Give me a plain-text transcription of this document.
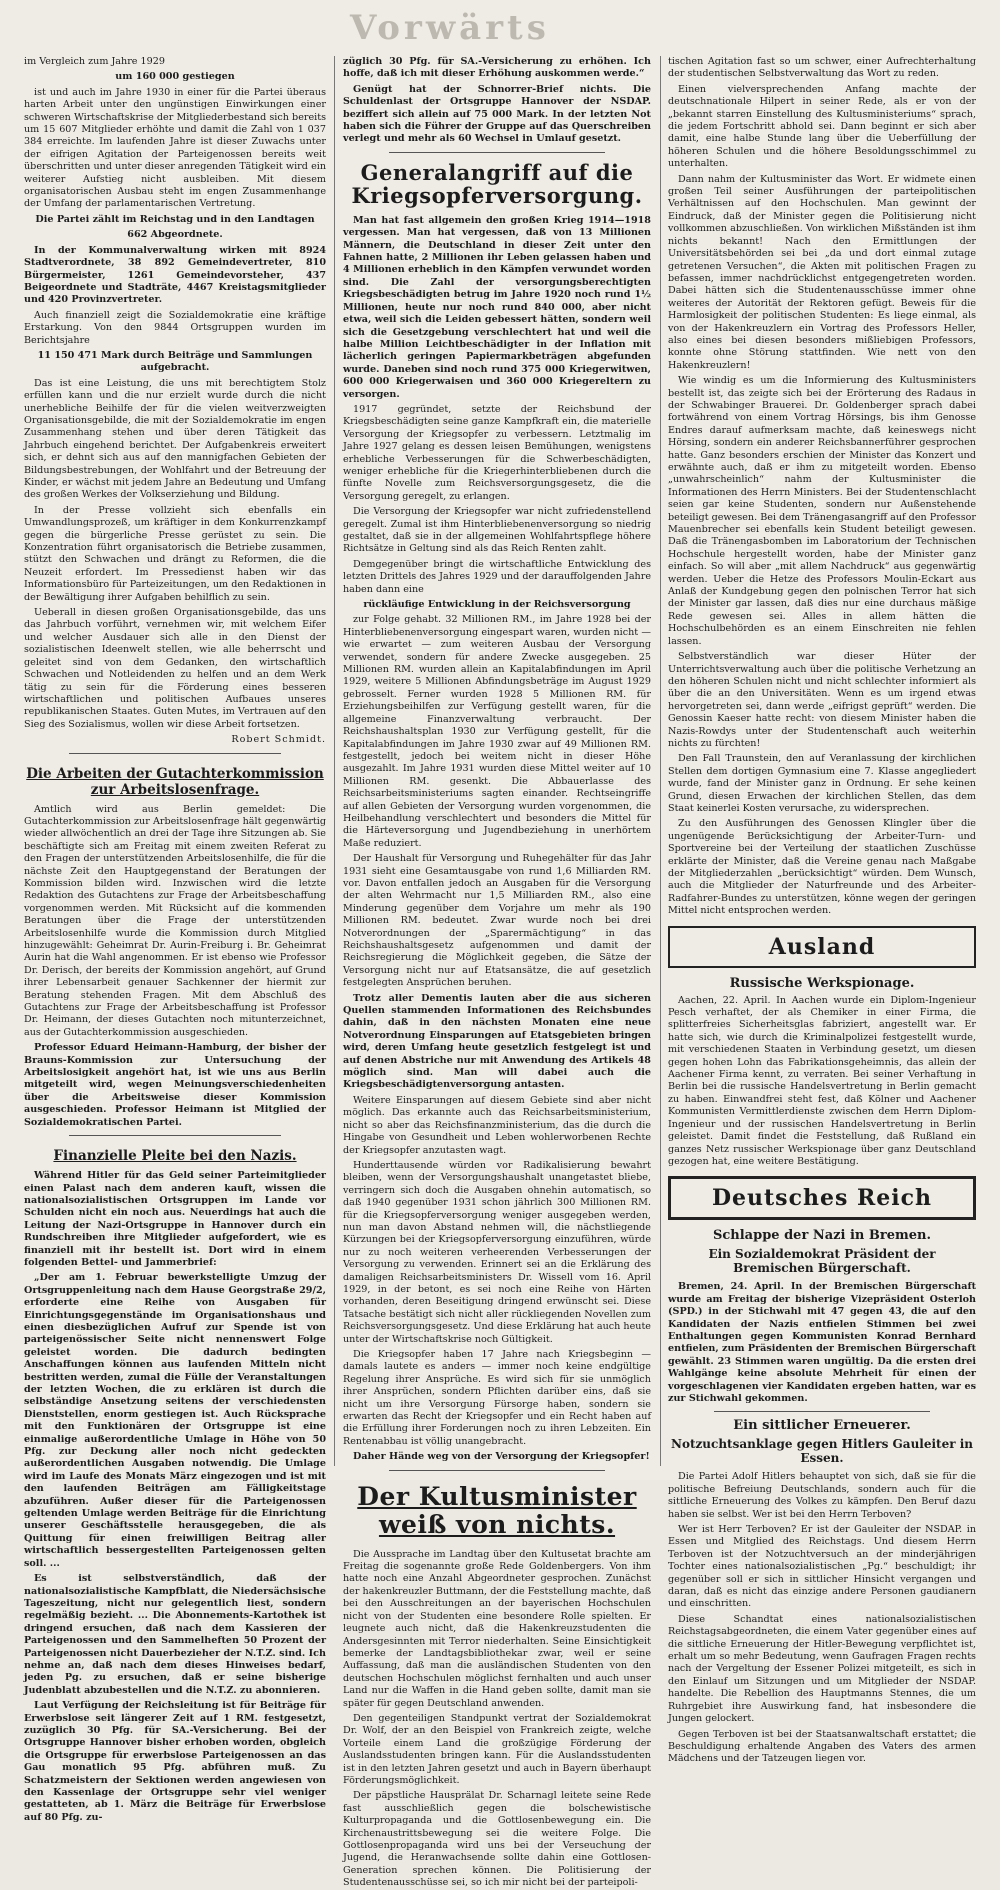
Vorwärts

im Vergleich zum Jahre 1929

um 160 000 gestiegen

ist und auch im Jahre 1930 in einer für die Partei überaus harten Arbeit unter den ungünstigen Einwirkungen einer schweren Wirtschaftskrise der Mitgliederbestand sich bereits um 15 607 Mitglieder erhöhte und damit die Zahl von 1 037 384 erreichte. Im laufenden Jahre ist dieser Zuwachs unter der eifrigen Agitation der Parteigenossen bereits weit überschritten und unter dieser anregenden Tätigkeit wird ein weiterer Aufstieg nicht ausbleiben. Mit diesem organisatorischen Ausbau steht im engen Zusammenhange der Umfang der parlamentarischen Vertretung.

Die Partei zählt im Reichstag und in den Landtagen

662 Abgeordnete.

In der Kommunalverwaltung wirken mit 8924 Stadtverordnete, 38 892 Gemeindevertreter, 810 Bürgermeister, 1261 Gemeindevorsteher, 437 Beigeordnete und Stadträte, 4467 Kreistagsmitglieder und 420 Provinzvertreter.

Auch finanziell zeigt die Sozialdemokratie eine kräftige Erstarkung. Von den 9844 Ortsgruppen wurden im Berichtsjahre

11 150 471 Mark durch Beiträge und Sammlungen aufgebracht.

Das ist eine Leistung, die uns mit berechtigtem Stolz erfüllen kann und die nur erzielt wurde durch die nicht unerhebliche Beihilfe der für die vielen weitverzweigten Organisationsgebilde, die mit der Sozialdemokratie im engen Zusammenhang stehen und über deren Tätigkeit das Jahrbuch eingehend berichtet. Der Aufgabenkreis erweitert sich, er dehnt sich aus auf den mannigfachen Gebieten der Bildungsbestrebungen, der Wohlfahrt und der Betreuung der Kinder, er wächst mit jedem Jahre an Bedeutung und Umfang des großen Werkes der Volkserziehung und Bildung.

In der Presse vollzieht sich ebenfalls ein Umwandlungsprozeß, um kräftiger in dem Konkurrenzkampf gegen die bürgerliche Presse gerüstet zu sein. Die Konzentration führt organisatorisch die Betriebe zusammen, stützt den Schwachen und drängt zu Reformen, die die Neuzeit erfordert. Im Pressedienst haben wir das Informationsbüro für Parteizeitungen, um den Redaktionen in der Bewältigung ihrer Aufgaben behilflich zu sein.

Ueberall in diesen großen Organisationsgebilde, das uns das Jahrbuch vorführt, vernehmen wir, mit welchem Eifer und welcher Ausdauer sich alle in den Dienst der sozialistischen Ideenwelt stellen, wie alle beherrscht und geleitet sind von dem Gedanken, den wirtschaftlich Schwachen und Notleidenden zu helfen und an dem Werk tätig zu sein für die Förderung eines besseren wirtschaftlichen und politischen Aufbaues unseres republikanischen Staates. Guten Mutes, im Vertrauen auf den Sieg des Sozialismus, wollen wir diese Arbeit fortsetzen.

Robert Schmidt.

Die Arbeiten der Gutachterkommission zur Arbeitslosenfrage.

Amtlich wird aus Berlin gemeldet: Die Gutachterkommission zur Arbeitslosenfrage hält gegenwärtig wieder allwöchentlich an drei der Tage ihre Sitzungen ab. Sie beschäftigte sich am Freitag mit einem zweiten Referat zu den Fragen der unterstützenden Arbeitslosenhilfe, die für die nächste Zeit den Hauptgegenstand der Beratungen der Kommission bilden wird. Inzwischen wird die letzte Redaktion des Gutachtens zur Frage der Arbeitsbeschaffung vorgenommen werden. Mit Rücksicht auf die kommenden Beratungen über die Frage der unterstützenden Arbeitslosenhilfe wurde die Kommission durch Mitglied hinzugewählt: Geheimrat Dr. Aurin-Freiburg i. Br. Geheimrat Aurin hat die Wahl angenommen. Er ist ebenso wie Professor Dr. Derisch, der bereits der Kommission angehört, auf Grund ihrer Lebensarbeit genauer Sachkenner der hiermit zur Beratung stehenden Fragen. Mit dem Abschluß des Gutachtens zur Frage der Arbeitsbeschaffung ist Professor Dr. Heimann, der dieses Gutachten noch mitunterzeichnet, aus der Gutachterkommission ausgeschieden.

Professor Eduard Heimann-Hamburg, der bisher der Brauns-Kommission zur Untersuchung der Arbeitslosigkeit angehört hat, ist wie uns aus Berlin mitgeteilt wird, wegen Meinungsverschiedenheiten über die Arbeitsweise dieser Kommission ausgeschieden. Professor Heimann ist Mitglied der Sozialdemokratischen Partei.

Finanzielle Pleite bei den Nazis.

Während Hitler für das Geld seiner Parteimitglieder einen Palast nach dem anderen kauft, wissen die nationalsozialistischen Ortsgruppen im Lande vor Schulden nicht ein noch aus. Neuerdings hat auch die Leitung der Nazi-Ortsgruppe in Hannover durch ein Rundschreiben ihre Mitglieder aufgefordert, wie es finanziell mit ihr bestellt ist. Dort wird in einem folgenden Bettel- und Jammerbrief:

„Der am 1. Februar bewerkstelligte Umzug der Ortsgruppenleitung nach dem Hause Georgstraße 29/2, erforderte eine Reihe von Ausgaben für Einrichtungsgegenstände im Organisationshaus und einen diesbezüglichen Aufruf zur Spende ist von parteigenössischer Seite nicht nennenswert Folge geleistet worden. Die dadurch bedingten Anschaffungen können aus laufenden Mitteln nicht bestritten werden, zumal die Fülle der Veranstaltungen der letzten Wochen, die zu erklären ist durch die selbständige Ansetzung seitens der verschiedensten Dienststellen, enorm gestiegen ist. Auch Rücksprache mit den Funktionären der Ortsgruppe ist eine einmalige außerordentliche Umlage in Höhe von 50 Pfg. zur Deckung aller noch nicht gedeckten außerordentlichen Ausgaben notwendig. Die Umlage wird im Laufe des Monats März eingezogen und ist mit den laufenden Beiträgen am Fälligkeitstage abzuführen. Außer dieser für die Parteigenossen geltenden Umlage werden Beiträge für die Einrichtung unserer Geschäftsstelle herausgegeben, die als Quittung für einen freiwilligen Beitrag aller wirtschaftlich bessergestellten Parteigenossen gelten soll. ...

Es ist selbstverständlich, daß der nationalsozialistische Kampfblatt, die Niedersächsische Tageszeitung, nicht nur gelegentlich liest, sondern regelmäßig bezieht. ... Die Abonnements-Kartothek ist dringend ersuchen, daß nach dem Kassieren der Parteigenossen und den Sammelheften 50 Prozent der Parteigenossen nicht Dauerbezieher der N.T.Z. sind. Ich nehme an, daß nach dem dieses Hinweises bedarf, jeden Pg. zu ersuchen, daß er seine bisherige Judenblatt abzubestellen und die N.T.Z. zu abonnieren.

Laut Verfügung der Reichsleitung ist für Beiträge für Erwerbslose seit längerer Zeit auf 1 RM. festgesetzt, zuzüglich 30 Pfg. für SA.-Versicherung. Bei der Ortsgruppe Hannover bisher erhoben worden, obgleich die Ortsgruppe für erwerbslose Parteigenossen an das Gau monatlich 95 Pfg. abführen muß. Zu Schatzmeistern der Sektionen werden angewiesen von den Kassenlage der Ortsgruppe sehr viel weniger gestatteten, ab 1. März die Beiträge für Erwerbslose auf 80 Pfg. zu-

züglich 30 Pfg. für SA.-Versicherung zu erhöhen. Ich hoffe, daß ich mit dieser Erhöhung auskommen werde.“

Genügt hat der Schnorrer-Brief nichts. Die Schuldenlast der Ortsgruppe Hannover der NSDAP. beziffert sich allein auf 75 000 Mark. In der letzten Not haben sich die Führer der Gruppe auf das Querschreiben verlegt und mehr als 60 Wechsel in Umlauf gesetzt.

Generalangriff auf die Kriegsopferversorgung.

Man hat fast allgemein den großen Krieg 1914—1918 vergessen. Man hat vergessen, daß von 13 Millionen Männern, die Deutschland in dieser Zeit unter den Fahnen hatte, 2 Millionen ihr Leben gelassen haben und 4 Millionen erheblich in den Kämpfen verwundet worden sind. Die Zahl der versorgungsberechtigten Kriegsbeschädigten betrug im Jahre 1920 noch rund 1½ Millionen, heute nur noch rund 840 000, aber nicht etwa, weil sich die Leiden gebessert hätten, sondern weil sich die Gesetzgebung verschlechtert hat und weil die halbe Million Leichtbeschädigter in der Inflation mit lächerlich geringen Papiermarkbeträgen abgefunden wurde. Daneben sind noch rund 375 000 Kriegerwitwen, 600 000 Kriegerwaisen und 360 000 Kriegereltern zu versorgen.

1917 gegründet, setzte der Reichsbund der Kriegsbeschädigten seine ganze Kampfkraft ein, die materielle Versorgung der Kriegsopfer zu verbessern. Letztmalig im Jahre 1927 gelang es dessen leisen Bemühungen, wenigstens erhebliche Verbesserungen für die Schwerbeschädigten, weniger erhebliche für die Kriegerhinterbliebenen durch die fünfte Novelle zum Reichsversorgungsgesetz, die die Versorgung geregelt, zu erlangen.

Die Versorgung der Kriegsopfer war nicht zufriedenstellend geregelt. Zumal ist ihm Hinterbliebenenversorgung so niedrig gestaltet, daß sie in der allgemeinen Wohlfahrtspflege höhere Richtsätze in Geltung sind als das Reich Renten zahlt.

Demgegenüber bringt die wirtschaftliche Entwicklung des letzten Drittels des Jahres 1929 und der darauffolgenden Jahre haben dann eine

rückläufige Entwicklung in der Reichsversorgung

zur Folge gehabt. 32 Millionen RM., im Jahre 1928 bei der Hinterbliebenenversorgung eingespart waren, wurden nicht — wie erwartet — zum weiteren Ausbau der Versorgung verwendet, sondern für andere Zwecke ausgegeben. 25 Millionen RM. wurden allein an Kapitalabfindungen im April 1929, weitere 5 Millionen Abfindungsbeträge im August 1929 gebrosselt. Ferner wurden 1928 5 Millionen RM. für Erziehungsbeihilfen zur Verfügung gestellt waren, für die allgemeine Finanzverwaltung verbraucht. Der Reichshaushaltsplan 1930 zur Verfügung gestellt, für die Kapitalabfindungen im Jahre 1930 zwar auf 49 Millionen RM. festgestellt, jedoch bei weitem nicht in dieser Höhe ausgezahlt. Im Jahre 1931 wurden diese Mittel weiter auf 10 Millionen RM. gesenkt. Die Abbauerlasse des Reichsarbeitsministeriums sagten einander. Rechtseingriffe auf allen Gebieten der Versorgung wurden vorgenommen, die Heilbehandlung verschlechtert und besonders die Mittel für die Härteversorgung und Jugendbeziehung in unerhörtem Maße reduziert.

Der Haushalt für Versorgung und Ruhegehälter für das Jahr 1931 sieht eine Gesamtausgabe von rund 1,6 Milliarden RM. vor. Davon entfallen jedoch an Ausgaben für die Versorgung der alten Wehrmacht nur 1,5 Milliarden RM., also eine Minderung gegenüber dem Vorjahre um mehr als 190 Millionen RM. bedeutet. Zwar wurde noch bei drei Notverordnungen der „Sparermächtigung“ in das Reichshaushaltsgesetz aufgenommen und damit der Reichsregierung die Möglichkeit gegeben, die Sätze der Versorgung nicht nur auf Etatsansätze, die auf gesetzlich festgelegten Ansprüchen beruhen.

Trotz aller Dementis lauten aber die aus sicheren Quellen stammenden Informationen des Reichsbundes dahin, daß in den nächsten Monaten eine neue Notverordnung Einsparungen auf Etatsgebieten bringen wird, deren Umfang heute gesetzlich festgelegt ist und auf denen Abstriche nur mit Anwendung des Artikels 48 möglich sind. Man will dabei auch die Kriegsbeschädigtenversorgung antasten.

Weitere Einsparungen auf diesem Gebiete sind aber nicht möglich. Das erkannte auch das Reichsarbeitsministerium, nicht so aber das Reichsfinanzministerium, das die durch die Hingabe von Gesundheit und Leben wohlerworbenen Rechte der Kriegsopfer anzutasten wagt.

Hunderttausende würden vor Radikalisierung bewahrt bleiben, wenn der Versorgungshaushalt unangetastet bliebe, verringern sich doch die Ausgaben ohnehin automatisch, so daß 1940 gegenüber 1931 schon jährlich 300 Millionen RM. für die Kriegsopferversorgung weniger ausgegeben werden, nun man davon Abstand nehmen will, die nächstliegende Kürzungen bei der Kriegsopferversorgung einzuführen, würde nur zu noch weiteren verheerenden Verbesserungen der Versorgung zu verwenden. Erinnert sei an die Erklärung des damaligen Reichsarbeitsministers Dr. Wissell vom 16. April 1929, in der betont, es sei noch eine Reihe von Härten vorhanden, deren Beseitigung dringend erwünscht sei. Diese Tatsache bestätigt sich nicht aller rückliegenden Novellen zum Reichsversorgungsgesetz. Und diese Erklärung hat auch heute unter der Wirtschaftskrise noch Gültigkeit.

Die Kriegsopfer haben 17 Jahre nach Kriegsbeginn — damals lautete es anders — immer noch keine endgültige Regelung ihrer Ansprüche. Es wird sich für sie unmöglich ihrer Ansprüchen, sondern Pflichten darüber eins, daß sie nicht um ihre Versorgung Fürsorge haben, sondern sie erwarten das Recht der Kriegsopfer und ein Recht haben auf die Erfüllung ihrer Forderungen noch zu ihren Lebzeiten. Ein Rentenabbau ist völlig unangebracht.

Daher Hände weg von der Versorgung der Kriegsopfer!

Der Kultusminister weiß von nichts.

Die Aussprache im Landtag über den Kultusetat brachte am Freitag die sogenannte große Rede Goldenbergers. Von ihm hatte noch eine Anzahl Abgeordneter gesprochen. Zunächst der hakenkreuzler Buttmann, der die Feststellung machte, daß bei den Ausschreitungen an der bayerischen Hochschulen nicht von der Studenten eine besondere Rolle spielten. Er leugnete auch nicht, daß die Hakenkreuzstudenten die Andersgesinnten mit Terror niederhalten. Seine Einsichtigkeit bemerke der Landtagsbibliothekar zwar, weil er seine Auffassung, daß man die ausländischen Studenten von den deutschen Hochschulen möglichst fernhalten und auch unser Land nur die Waffen in die Hand geben sollte, damit man sie später für gegen Deutschland anwenden.

Den gegenteiligen Standpunkt vertrat der Sozialdemokrat Dr. Wolf, der an den Beispiel von Frankreich zeigte, welche Vorteile einem Land die großzügige Förderung der Auslandsstudenten bringen kann. Für die Auslandsstudenten ist in den letzten Jahren gesetzt und auch in Bayern überhaupt Förderungsmöglichkeit.

Der päpstliche Hausprälat Dr. Scharnagl leitete seine Rede fast ausschließlich gegen die bolschewistische Kulturpropaganda und die Gottlosenbewegung ein. Die Kirchenaustrittsbewegung sei die weitere Folge. Die Gottlosenpropaganda wird uns bei der Verseuchung der Jugend, die Heranwachsende sollte dahin eine Gottlosen-Generation sprechen können. Die Politisierung der Studentenausschüsse sei, so ich mir nicht bei der parteipoli-

tischen Agitation fast so um schwer, einer Aufrechterhaltung der studentischen Selbstverwaltung das Wort zu reden.

Einen vielversprechenden Anfang machte der deutschnationale Hilpert in seiner Rede, als er von der „bekannt starren Einstellung des Kultusministeriums“ sprach, die jedem Fortschritt abhold sei. Dann beginnt er sich aber damit, eine halbe Stunde lang über die Ueberfüllung der höheren Schulen und die höhere Besoldungsschimmel zu unterhalten.

Dann nahm der Kultusminister das Wort. Er widmete einen großen Teil seiner Ausführungen der parteipolitischen Verhältnissen auf den Hochschulen. Man gewinnt der Eindruck, daß der Minister gegen die Politisierung nicht vollkommen abzuschließen. Von wirklichen Mißständen ist ihm nichts bekannt! Nach den Ermittlungen der Universitätsbehörden sei bei „da und dort einmal zutage getretenen Versuchen“, die Akten mit politischen Fragen zu befassen, immer nachdrücklichst entgegengetreten worden. Dabei hätten sich die Studentenausschüsse immer ohne weiteres der Autorität der Rektoren gefügt. Beweis für die Harmlosigkeit der politischen Studenten: Es liege einmal, als von der Hakenkreuzlern ein Vortrag des Professors Heller, also eines bei diesen besonders mißliebigen Professors, konnte ohne Störung stattfinden. Wie nett von den Hakenkreuzlern!

Wie windig es um die Informierung des Kultusministers bestellt ist, das zeigte sich bei der Erörterung des Radaus in der Schwabinger Brauerei. Dr. Goldenberger sprach dabei fortwährend von einem Vortrag Hörsings, bis ihm Genosse Endres darauf aufmerksam machte, daß keineswegs nicht Hörsing, sondern ein anderer Reichsbannerführer gesprochen hatte. Ganz besonders erschien der Minister das Konzert und erwähnte auch, daß er ihm zu mitgeteilt worden. Ebenso „unwahrscheinlich“ nahm der Kultusminister die Informationen des Herrn Ministers. Bei der Studentenschlacht seien gar keine Studenten, sondern nur Außenstehende beteiligt gewesen. Bei dem Tränengasangriff auf den Professor Mauenbrecher sei ebenfalls kein Student beteiligt gewesen. Daß die Tränengasbomben im Laboratorium der Technischen Hochschule hergestellt worden, habe der Minister ganz einfach. So will aber „mit allem Nachdruck“ aus gegenwärtig werden. Ueber die Hetze des Professors Moulin-Eckart aus Anlaß der Kundgebung gegen den polnischen Terror hat sich der Minister gar lassen, daß dies nur eine durchaus mäßige Rede gewesen sei. Alles in allem hätten die Hochschulbehörden es an einem Einschreiten nie fehlen lassen.

Selbstverständlich war dieser Hüter der Unterrichtsverwaltung auch über die politische Verhetzung an den höheren Schulen nicht und nicht schlechter informiert als über die an den Universitäten. Wenn es um irgend etwas hervorgetreten sei, dann werde „eifrigst geprüft“ werden. Die Genossin Kaeser hatte recht: von diesem Minister haben die Nazis-Rowdys unter der Studentenschaft auch weiterhin nichts zu fürchten!

Den Fall Traunstein, den auf Veranlassung der kirchlichen Stellen dem dortigen Gymnasium eine 7. Klasse angegliedert wurde, fand der Minister ganz in Ordnung. Er sehe keinen Grund, diesen Erwachen der kirchlichen Stellen, das dem Staat keinerlei Kosten verursache, zu widersprechen.

Zu den Ausführungen des Genossen Klingler über die ungenügende Berücksichtigung der Arbeiter-Turn- und Sportvereine bei der Verteilung der staatlichen Zuschüsse erklärte der Minister, daß die Vereine genau nach Maßgabe der Mitgliederzahlen „berücksichtigt“ würden. Dem Wunsch, auch die Mitglieder der Naturfreunde und des Arbeiter-Radfahrer-Bundes zu unterstützen, könne wegen der geringen Mittel nicht entsprochen werden.

Ausland
Russische Werkspionage.

Aachen, 22. April. In Aachen wurde ein Diplom-Ingenieur Pesch verhaftet, der als Chemiker in einer Firma, die splitterfreies Sicherheitsglas fabriziert, angestellt war. Er hatte sich, wie durch die Kriminalpolizei festgestellt wurde, mit verschiedenen Staaten in Verbindung gesetzt, um diesen gegen hohen Lohn das Fabrikationsgeheimnis, das allein der Aachener Firma kennt, zu verraten. Bei seiner Verhaftung in Berlin bei die russische Handelsvertretung in Berlin gemacht zu haben. Einwandfrei steht fest, daß Kölner und Aachener Kommunisten Vermittlerdienste zwischen dem Herrn Diplom-Ingenieur und der russischen Handelsvertretung in Berlin geleistet. Damit findet die Feststellung, daß Rußland ein ganzes Netz russischer Werkspionage über ganz Deutschland gezogen hat, eine weitere Bestätigung.

Deutsches Reich
Schlappe der Nazi in Bremen.
Ein Sozialdemokrat Präsident der Bremischen Bürgerschaft.

Bremen, 24. April. In der Bremischen Bürgerschaft wurde am Freitag der bisherige Vizepräsident Osterloh (SPD.) in der Stichwahl mit 47 gegen 43, die auf den Kandidaten der Nazis entfielen Stimmen bei zwei Enthaltungen gegen Kommunisten Konrad Bernhard entfielen, zum Präsidenten der Bremischen Bürgerschaft gewählt. 23 Stimmen waren ungültig. Da die ersten drei Wahlgänge keine absolute Mehrheit für einen der vorgeschlagenen vier Kandidaten ergeben hatten, war es zur Stichwahl gekommen.

Ein sittlicher Erneuerer.
Notzuchtsanklage gegen Hitlers Gauleiter in Essen.

Die Partei Adolf Hitlers behauptet von sich, daß sie für die politische Befreiung Deutschlands, sondern auch für die sittliche Erneuerung des Volkes zu kämpfen. Den Beruf dazu haben sie selbst. Wer ist bei den Herrn Terboven?

Wer ist Herr Terboven? Er ist der Gauleiter der NSDAP. in Essen und Mitglied des Reichstags. Und diesem Herrn Terboven ist der Notzuchtversuch an der minderjährigen Tochter eines nationalsozialistischen „Pg.“ beschuldigt; ihr gegenüber soll er sich in sittlicher Hinsicht vergangen und daran, daß es nicht das einzige andere Personen gaudianern und einschritten.

Diese Schandtat eines nationalsozialistischen Reichstagsabgeordneten, die einem Vater gegenüber eines auf die sittliche Erneuerung der Hitler-Bewegung verpflichtet ist, erhalt um so mehr Bedeutung, wenn Gaufragen Fragen rechts nach der Vergeltung der Essener Polizei mitgeteilt, es sich in den Einlauf um Sitzungen und um Mitglieder der NSDAP. handelte. Die Rebellion des Hauptmanns Stennes, die um Ruhrgebiet ihre Auswirkung fand, hat insbesondere die Jungen gelockert.

Gegen Terboven ist bei der Staatsanwaltschaft erstattet; die Beschuldigung erhaltende Angaben des Vaters des armen Mädchens und der Tatzeugen liegen vor.
